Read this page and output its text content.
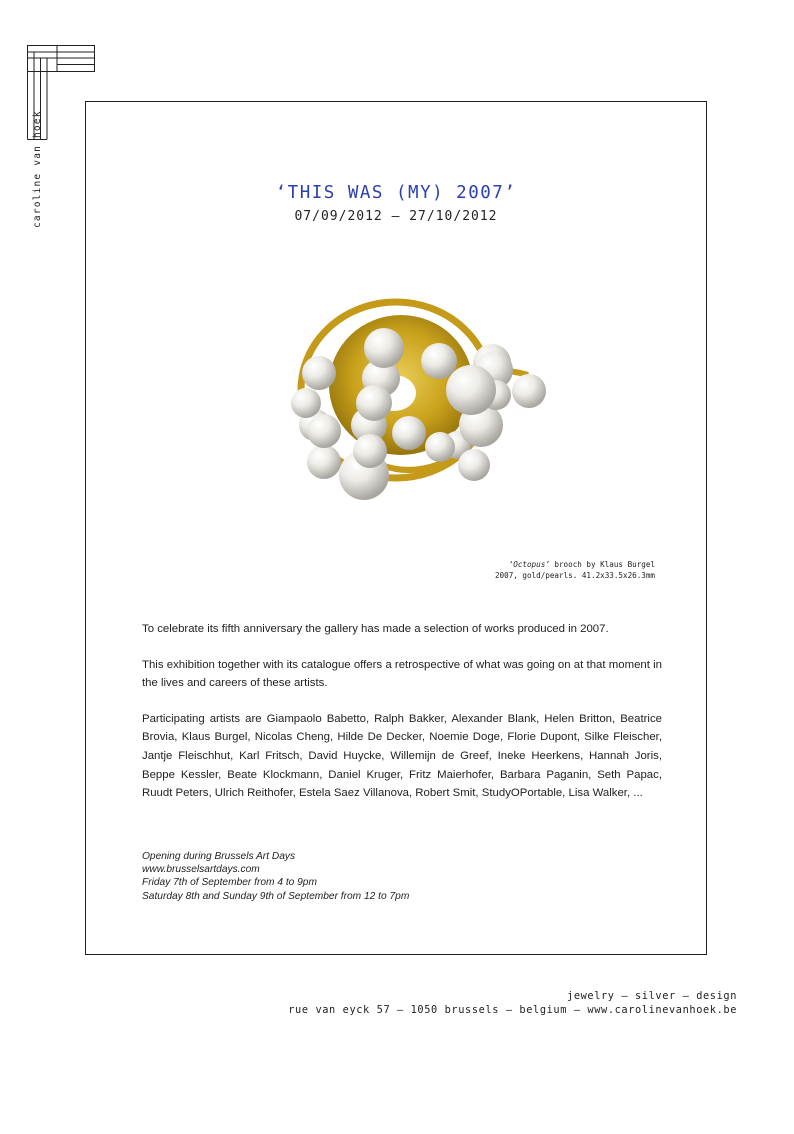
caroline van hoek	‘THIS WAS (MY) 2007’
07/09/2012 – 27/10/2012
‘Octopus’ brooch by Klaus Burgel
2007, gold/pearls. 41.2x33.5x26.3mm

To celebrate its fifth anniversary the gallery has made a selection of works produced in 2007.

This exhibition together with its catalogue offers a retrospective of what was going on at that moment in the lives and careers of these artists.

Participating artists are Giampaolo Babetto, Ralph Bakker, Alexander Blank, Helen Britton, Beatrice Brovia, Klaus Burgel, Nicolas Cheng, Hilde De Decker, Noemie Doge, Florie Dupont, Silke Fleischer, Jantje Fleischhut, Karl Fritsch, David Huycke, Willemijn de Greef, Ineke Heerkens, Hannah Joris, Beppe Kessler, Beate Klockmann, Daniel Kruger, Fritz Maierhofer, Barbara Paganin, Seth Papac, Ruudt Peters, Ulrich Reithofer, Estela Saez Villanova, Robert Smit, StudyOPortable, Lisa Walker, ...

Opening during Brussels Art Days
www.brusselsartdays.com
Friday 7th of September from 4 to 9pm
Saturday 8th and Sunday 9th of September from 12 to 7pm
jewelry – silver – design
rue van eyck 57 – 1050 brussels – belgium – www.carolinevanhoek.be
